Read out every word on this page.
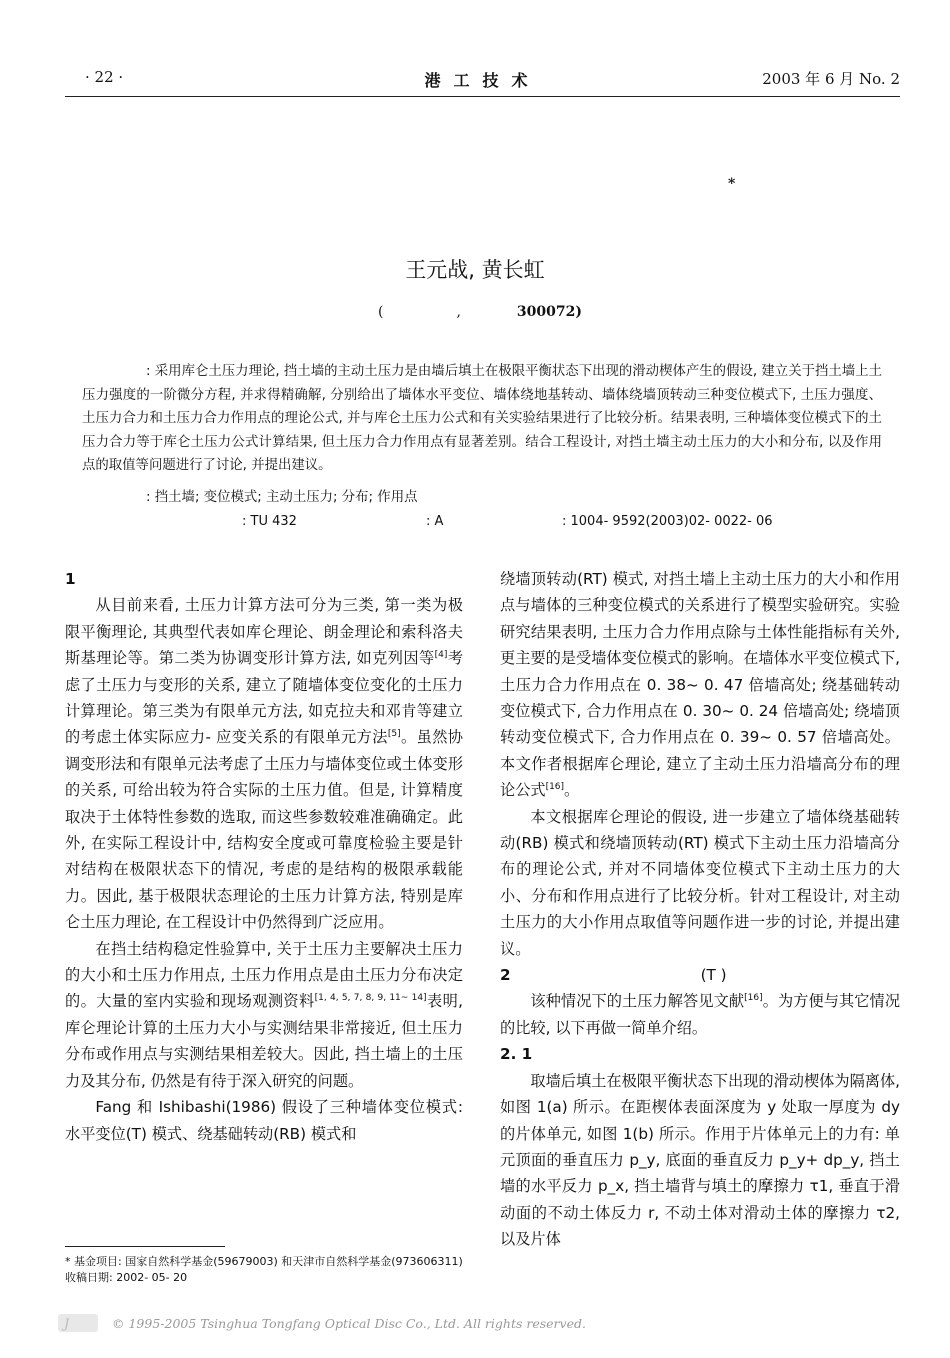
· 22 ·	港工技术	2003 年 6 月 No. 2
*
王元战, 黄长虹
(	,	300072)
: 采用库仑土压力理论, 挡土墙的主动土压力是由墙后填土在极限平衡状态下出现的滑动楔体产生的假设, 建立关于挡土墙上土压力强度的一阶微分方程, 并求得精确解, 分别给出了墙体水平变位、墙体绕地基转动、墙体绕墙顶转动三种变位模式下, 土压力强度、土压力合力和土压力合力作用点的理论公式, 并与库仑土压力公式和有关实验结果进行了比较分析。结果表明, 三种墙体变位模式下的土压力合力等于库仑土压力公式计算结果, 但土压力合力作用点有显著差别。结合工程设计, 对挡土墙主动土压力的大小和分布, 以及作用点的取值等问题进行了讨论, 并提出建议。
: 挡土墙; 变位模式; 主动土压力; 分布; 作用点
: TU 432	: A	: 1004- 9592(2003)02- 0022- 06
1

从目前来看, 土压力计算方法可分为三类, 第一类为极限平衡理论, 其典型代表如库仑理论、朗金理论和索科洛夫斯基理论等。第二类为协调变形计算方法, 如克列因等[4]考虑了土压力与变形的关系, 建立了随墙体变位变化的土压力计算理论。第三类为有限单元方法, 如克拉夫和邓肯等建立的考虑土体实际应力- 应变关系的有限单元方法[5]。虽然协调变形法和有限单元法考虑了土压力与墙体变位或土体变形的关系, 可给出较为符合实际的土压力值。但是, 计算精度取决于土体特性参数的选取, 而这些参数较难准确确定。此外, 在实际工程设计中, 结构安全度或可靠度检验主要是针对结构在极限状态下的情况, 考虑的是结构的极限承载能力。因此, 基于极限状态理论的土压力计算方法, 特别是库仑土压力理论, 在工程设计中仍然得到广泛应用。

在挡土结构稳定性验算中, 关于土压力主要解决土压力的大小和土压力作用点, 土压力作用点是由土压力分布决定的。大量的室内实验和现场观测资料[1, 4, 5, 7, 8, 9, 11~ 14]表明, 库仑理论计算的土压力大小与实测结果非常接近, 但土压力分布或作用点与实测结果相差较大。因此, 挡土墙上的土压力及其分布, 仍然是有待于深入研究的问题。

Fang 和 Ishibashi(1986) 假设了三种墙体变位模式: 水平变位(T) 模式、绕基础转动(RB) 模式和

绕墙顶转动(RT) 模式, 对挡土墙上主动土压力的大小和作用点与墙体的三种变位模式的关系进行了模型实验研究。实验研究结果表明, 土压力合力作用点除与土体性能指标有关外, 更主要的是受墙体变位模式的影响。在墙体水平变位模式下, 土压力合力作用点在 0. 38~ 0. 47 倍墙高处; 绕基础转动变位模式下, 合力作用点在 0. 30~ 0. 24 倍墙高处; 绕墙顶转动变位模式下, 合力作用点在 0. 39~ 0. 57 倍墙高处。本文作者根据库仑理论, 建立了主动土压力沿墙高分布的理论公式[16]。

本文根据库仑理论的假设, 进一步建立了墙体绕基础转动(RB) 模式和绕墙顶转动(RT) 模式下主动土压力沿墙高分布的理论公式, 并对不同墙体变位模式下主动土压力的大小、分布和作用点进行了比较分析。针对工程设计, 对主动土压力的大小作用点取值等问题作进一步的讨论, 并提出建议。

2	(T )

该种情况下的土压力解答见文献[16]。为方便与其它情况的比较, 以下再做一简单介绍。

2. 1

取墙后填土在极限平衡状态下出现的滑动楔体为隔离体, 如图 1(a) 所示。在距楔体表面深度为 y 处取一厚度为 dy 的片体单元, 如图 1(b) 所示。作用于片体单元上的力有: 单元顶面的垂直压力 p_y, 底面的垂直反力 p_y+ dp_y, 挡土墙的水平反力 p_x, 挡土墙背与填土的摩擦力 τ1, 垂直于滑动面的不动土体反力 r, 不动土体对滑动土体的摩擦力 τ2, 以及片体

* 基金项目: 国家自然科学基金(59679003) 和天津市自然科学基金(973606311)
收稿日期: 2002- 05- 20
J	© 1995-2005 Tsinghua Tongfang Optical Disc Co., Ltd. All rights reserved.
